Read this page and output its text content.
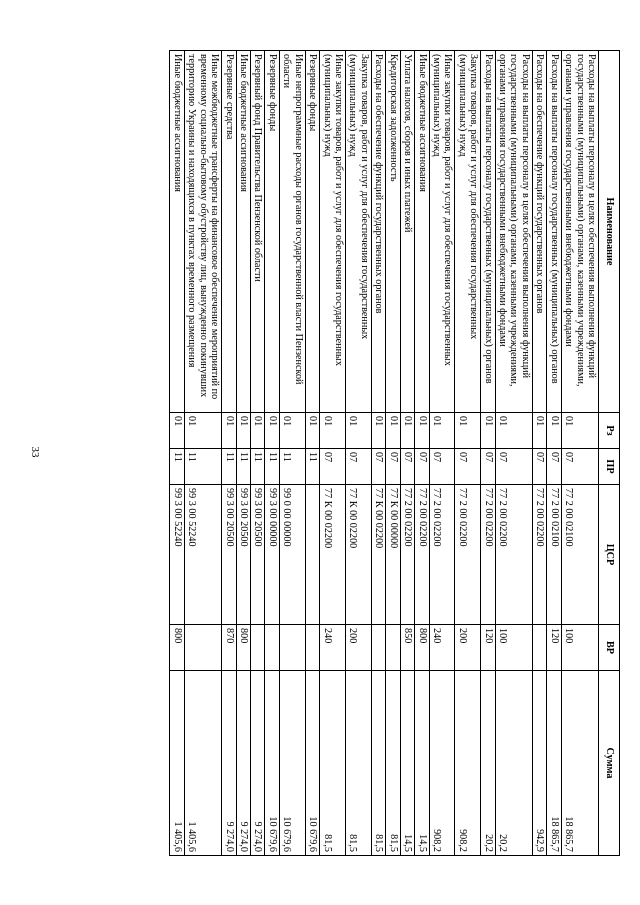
33
Наименование	Рз	ПР	ЦСР	ВР	Сумма
Расходы на выплаты персоналу в целях обеспечения выполнения функций государственными (муниципальными) органами, казенными учреждениями, органами управления государственными внебюджетными фондами	01	07	77 2 00 02100	100	18 865,7
Расходы на выплаты персоналу государственных (муниципальных) органов	01	07	77 2 00 02100	120	18 865,7
Расходы на обеспечение функций государственных органов	01	07	77 2 00 02200		942,9
Расходы на выплаты персоналу в целях обеспечения выполнения функций государственными (муниципальными) органами, казенными учреждениями, органами управления государственными внебюджетными фондами	01	07	77 2 00 02200	100	20,2
Расходы на выплаты персоналу государственных (муниципальных) органов	01	07	77 2 00 02200	120	20,2
Закупка товаров, работ и услуг для обеспечения государственных (муниципальных) нужд	01	07	77 2 00 02200	200	908,2
Иные закупки товаров, работ и услуг для обеспечения государственных (муниципальных) нужд	01	07	77 2 00 02200	240	908,2
Иные бюджетные ассигнования	01	07	77 2 00 02200	800	14,5
Уплата налогов, сборов и иных платежей	01	07	77 2 00 02200	850	14,5
Кредиторская задолженность	01	07	77 К 00 00000		81,5
Расходы на обеспечение функций государственных органов	01	07	77 К 00 02200		81,5
Закупка товаров, работ и услуг для обеспечения государственных (муниципальных) нужд	01	07	77 К 00 02200	200	81,5
Иные закупки товаров, работ и услуг для обеспечения государственных (муниципальных) нужд	01	07	77 К 00 02200	240	81,5
Резервные фонды	01	11			10 679,6
Иные непрограммные расходы органов государственной власти Пензенской области	01	11	99 0 00 00000		10 679,6
Резервные фонды	01	11	99 3 00 00000		10 679,6
Резервный фонд Правительства Пензенской области	01	11	99 3 00 20500		9 274,0
Иные бюджетные ассигнования	01	11	99 3 00 20500	800	9 274,0
Резервные средства	01	11	99 3 00 20500	870	9 274,0
Иные межбюджетные трансферты на финансовое обеспечение мероприятий по временному социально-бытовому обустройству лиц, вынужденно покинувших территорию Украины и находящихся в пунктах временного размещения	01	11	99 3 00 52240		1 405,6
Иные бюджетные ассигнования	01	11	99 3 00 52240	800	1 405,6
